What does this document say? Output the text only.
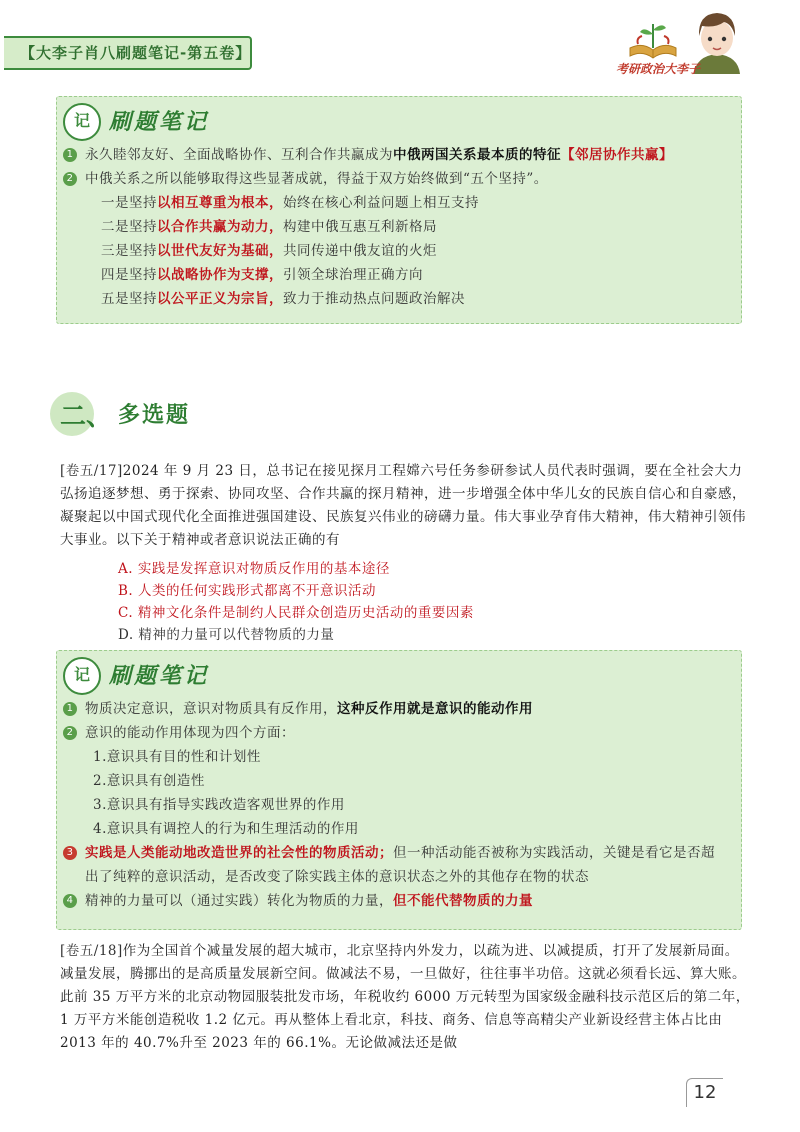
【大李子肖八刷题笔记-第五卷】
考研政治大李子
记 刷题笔记
1 永久睦邻友好、全面战略协作、互利合作共赢成为中俄两国关系最本质的特征【邻居协作共赢】
2 中俄关系之所以能够取得这些显著成就，得益于双方始终做到“五个坚持”。
一是坚持以相互尊重为根本，始终在核心利益问题上相互支持
二是坚持以合作共赢为动力，构建中俄互惠互利新格局
三是坚持以世代友好为基础，共同传递中俄友谊的火炬
四是坚持以战略协作为支撑，引领全球治理正确方向
五是坚持以公平正义为宗旨，致力于推动热点问题政治解决
二、 多选题
[卷五/17]2024 年 9 月 23 日，总书记在接见探月工程嫦六号任务参研参试人员代表时强调，要在全社会大力弘扬追逐梦想、勇于探索、协同攻坚、合作共赢的探月精神，进一步增强全体中华儿女的民族自信心和自豪感，凝聚起以中国式现代化全面推进强国建设、民族复兴伟业的磅礴力量。伟大事业孕育伟大精神，伟大精神引领伟大事业。以下关于精神或者意识说法正确的有
A. 实践是发挥意识对物质反作用的基本途径
B. 人类的任何实践形式都离不开意识活动
C. 精神文化条件是制约人民群众创造历史活动的重要因素
D. 精神的力量可以代替物质的力量
记 刷题笔记
1 物质决定意识，意识对物质具有反作用，这种反作用就是意识的能动作用
2 意识的能动作用体现为四个方面：
1.意识具有目的性和计划性
2.意识具有创造性
3.意识具有指导实践改造客观世界的作用
4.意识具有调控人的行为和生理活动的作用
3 实践是人类能动地改造世界的社会性的物质活动；但一种活动能否被称为实践活动，关键是看它是否超出了纯粹的意识活动，是否改变了除实践主体的意识状态之外的其他存在物的状态
4 精神的力量可以（通过实践）转化为物质的力量，但不能代替物质的力量
[卷五/18]作为全国首个减量发展的超大城市，北京坚持内外发力，以疏为进、以减提质，打开了发展新局面。减量发展，腾挪出的是高质量发展新空间。做减法不易，一旦做好，往往事半功倍。这就必须看长远、算大账。此前 35 万平方米的北京动物园服装批发市场，年税收约 6000 万元转型为国家级金融科技示范区后的第二年，1 万平方米能创造税收 1.2 亿元。再从整体上看北京，科技、商务、信息等高精尖产业新设经营主体占比由 2013 年的 40.7%升至 2023 年的 66.1%。无论做减法还是做
12
